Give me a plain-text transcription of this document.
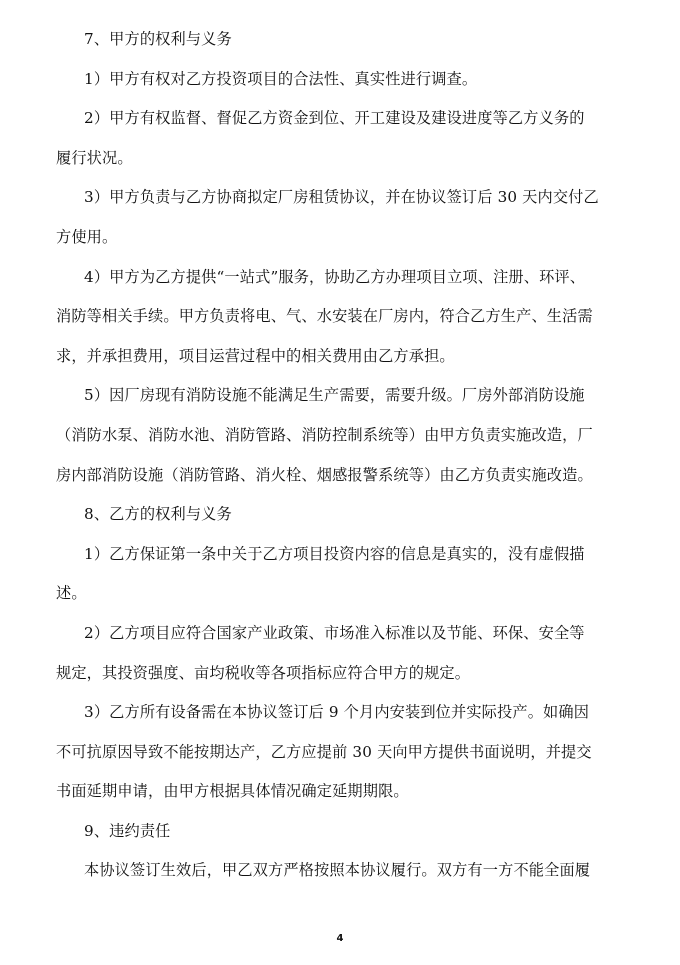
7、甲方的权利与义务
1）甲方有权对乙方投资项目的合法性、真实性进行调查。
2）甲方有权监督、督促乙方资金到位、开工建设及建设进度等乙方义务的
履行状况。
3）甲方负责与乙方协商拟定厂房租赁协议，并在协议签订后 30 天内交付乙
方使用。
4）甲方为乙方提供“一站式”服务，协助乙方办理项目立项、注册、环评、
消防等相关手续。甲方负责将电、气、水安装在厂房内，符合乙方生产、生活需
求，并承担费用，项目运营过程中的相关费用由乙方承担。
5）因厂房现有消防设施不能满足生产需要，需要升级。厂房外部消防设施
（消防水泵、消防水池、消防管路、消防控制系统等）由甲方负责实施改造，厂
房内部消防设施（消防管路、消火栓、烟感报警系统等）由乙方负责实施改造。
8、乙方的权利与义务
1）乙方保证第一条中关于乙方项目投资内容的信息是真实的，没有虚假描
述。
2）乙方项目应符合国家产业政策、市场准入标准以及节能、环保、安全等
规定，其投资强度、亩均税收等各项指标应符合甲方的规定。
3）乙方所有设备需在本协议签订后 9 个月内安装到位并实际投产。如确因
不可抗原因导致不能按期达产，乙方应提前 30 天向甲方提供书面说明，并提交
书面延期申请，由甲方根据具体情况确定延期期限。
9、违约责任
本协议签订生效后，甲乙双方严格按照本协议履行。双方有一方不能全面履
4
